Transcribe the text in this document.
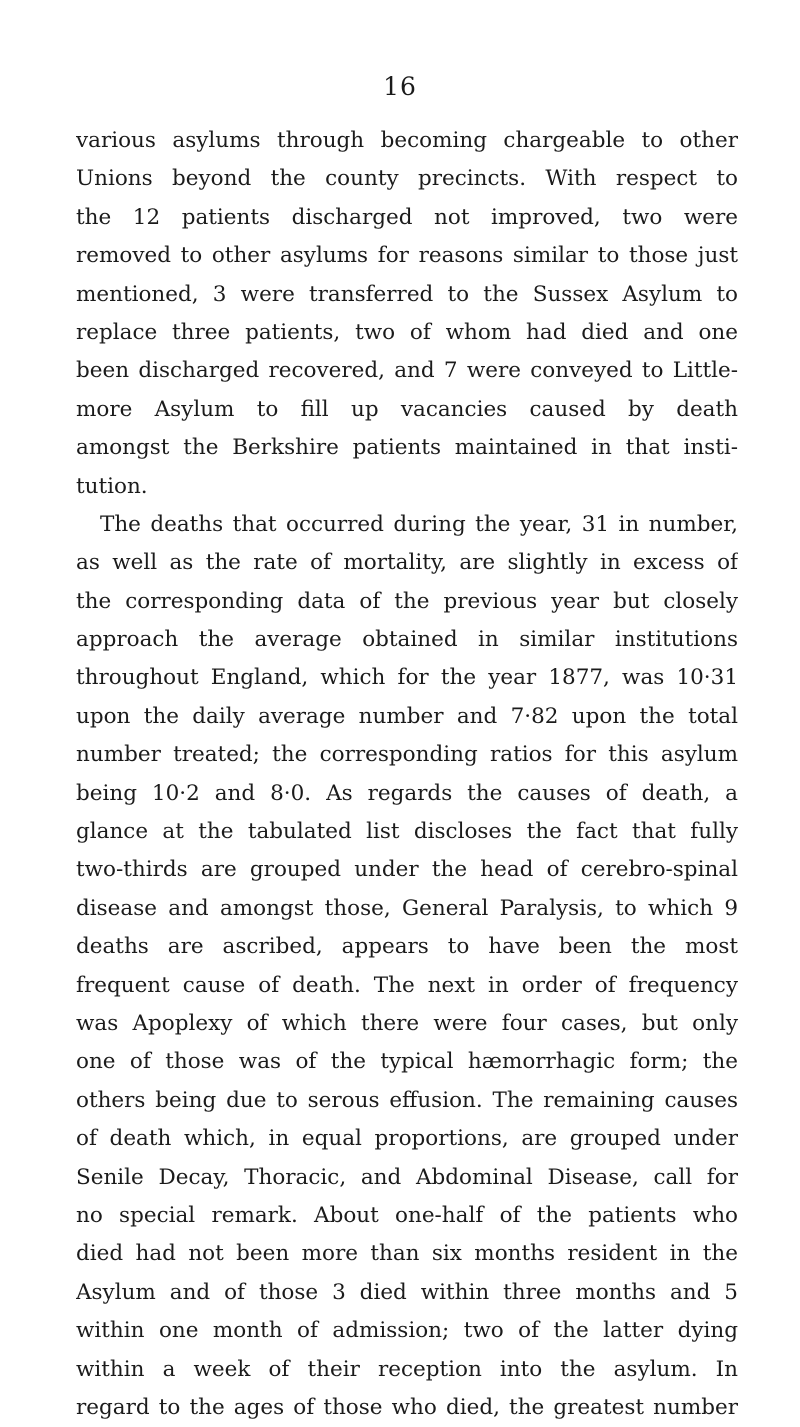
16
various asylums through becoming chargeable to other
Unions beyond the county precincts. With respect to
the 12 patients discharged not improved, two were
removed to other asylums for reasons similar to those just
mentioned, 3 were transferred to the Sussex Asylum to
replace three patients, two of whom had died and one
been discharged recovered, and 7 were conveyed to Little-
more Asylum to fill up vacancies caused by death
amongst the Berkshire patients maintained in that insti-
tution.
The deaths that occurred during the year, 31 in number,
as well as the rate of mortality, are slightly in excess of
the corresponding data of the previous year but closely
approach the average obtained in similar institutions
throughout England, which for the year 1877, was 10·31
upon the daily average number and 7·82 upon the total
number treated; the corresponding ratios for this asylum
being 10·2 and 8·0. As regards the causes of death, a
glance at the tabulated list discloses the fact that fully
two-thirds are grouped under the head of cerebro-spinal
disease and amongst those, General Paralysis, to which 9
deaths are ascribed, appears to have been the most
frequent cause of death. The next in order of frequency
was Apoplexy of which there were four cases, but only
one of those was of the typical hæmorrhagic form; the
others being due to serous effusion. The remaining causes
of death which, in equal proportions, are grouped under
Senile Decay, Thoracic, and Abdominal Disease, call for
no special remark. About one-half of the patients who
died had not been more than six months resident in the
Asylum and of those 3 died within three months and 5
within one month of admission; two of the latter dying
within a week of their reception into the asylum. In
regard to the ages of those who died, the greatest number
